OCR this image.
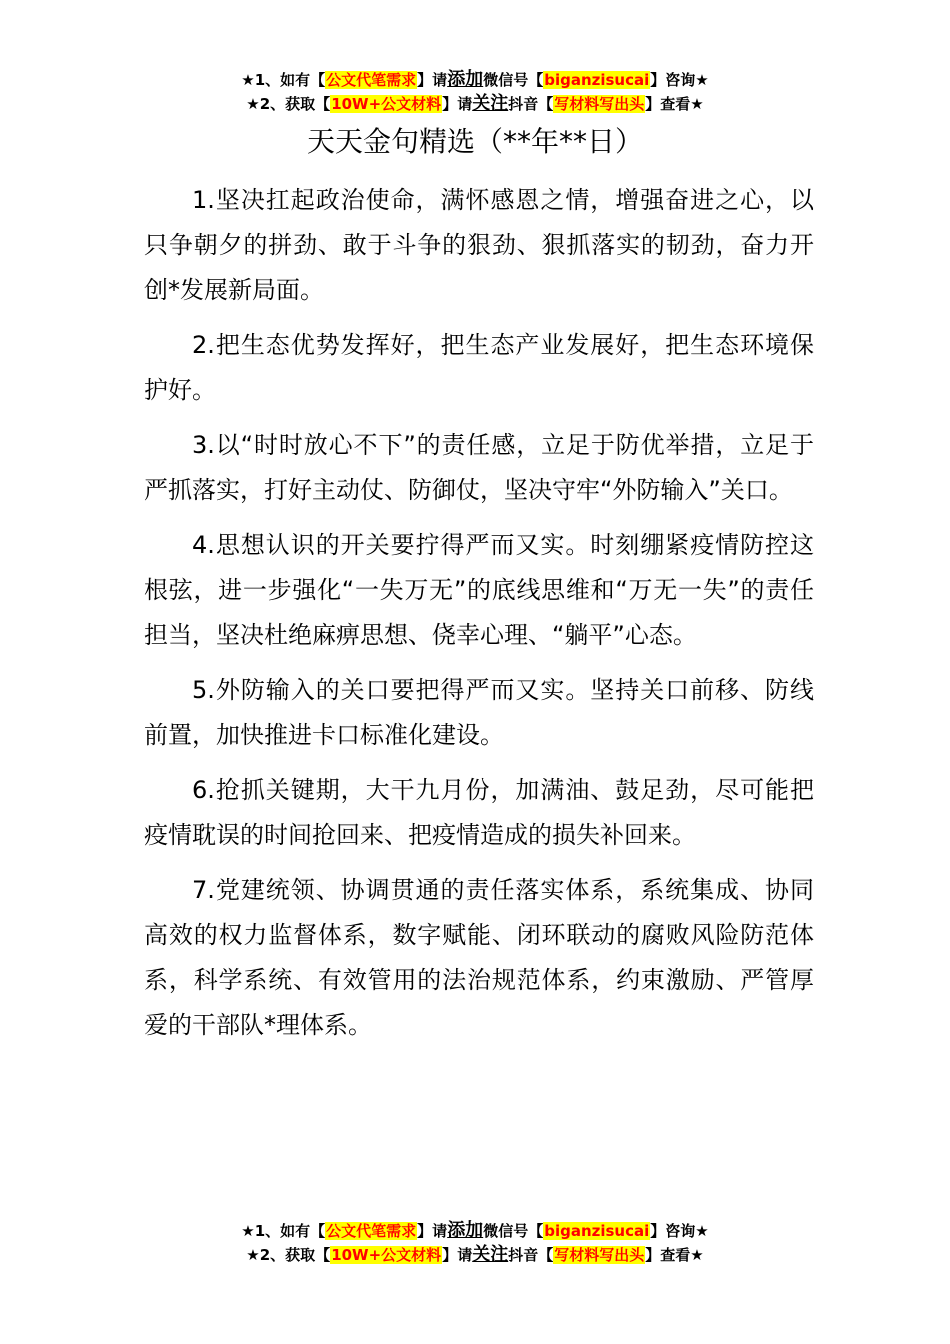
★1、如有【公文代笔需求】请添加微信号【biganzisucai】咨询★
★2、获取【10W+公文材料】请关注抖音【写材料写出头】查看★
天天金句精选（**年**日）

1.坚决扛起政治使命，满怀感恩之情，增强奋进之心，以只争朝夕的拼劲、敢于斗争的狠劲、狠抓落实的韧劲，奋力开创*发展新局面。

2.把生态优势发挥好，把生态产业发展好，把生态环境保护好。

3.以“时时放心不下”的责任感，立足于防优举措，立足于严抓落实，打好主动仗、防御仗，坚决守牢“外防输入”关口。

4.思想认识的开关要拧得严而又实。时刻绷紧疫情防控这根弦，进一步强化“一失万无”的底线思维和“万无一失”的责任担当，坚决杜绝麻痹思想、侥幸心理、“躺平”心态。

5.外防输入的关口要把得严而又实。坚持关口前移、防线前置，加快推进卡口标准化建设。

6.抢抓关键期，大干九月份，加满油、鼓足劲，尽可能把疫情耽误的时间抢回来、把疫情造成的损失补回来。

7.党建统领、协调贯通的责任落实体系，系统集成、协同高效的权力监督体系，数字赋能、闭环联动的腐败风险防范体系，科学系统、有效管用的法治规范体系，约束激励、严管厚爱的干部队*理体系。

★1、如有【公文代笔需求】请添加微信号【biganzisucai】咨询★
★2、获取【10W+公文材料】请关注抖音【写材料写出头】查看★
